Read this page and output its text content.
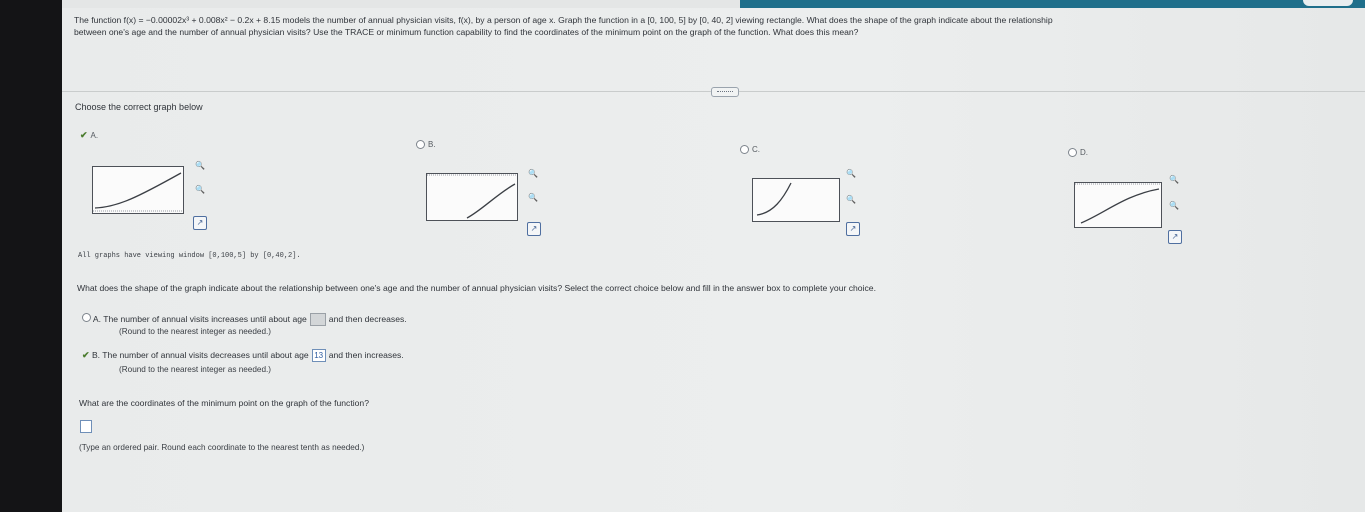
The function f(x) = −0.00002x³ + 0.008x² − 0.2x + 8.15 models the number of annual physician visits, f(x), by a person of age x. Graph the function in a [0, 100, 5] by [0, 40, 2] viewing rectangle. What does the shape of the graph indicate about the relationship
between one's age and the number of annual physician visits? Use the TRACE or minimum function capability to find the coordinates of the minimum point on the graph of the function. What does this mean?
Choose the correct graph below
✔ A.
🔍
🔍
↗
B.
🔍
🔍
↗
C.
🔍
🔍
↗
D.
🔍
🔍
↗
All graphs have viewing window [0,100,5] by [0,40,2].
What does the shape of the graph indicate about the relationship between one's age and the number of annual physician visits? Select the correct choice below and fill in the answer box to complete your choice.
A. The number of annual visits increases until about age	and then decreases.
(Round to the nearest integer as needed.)
✔ B. The number of annual visits decreases until about age 13 and then increases.
(Round to the nearest integer as needed.)
What are the coordinates of the minimum point on the graph of the function?
(Type an ordered pair. Round each coordinate to the nearest tenth as needed.)
